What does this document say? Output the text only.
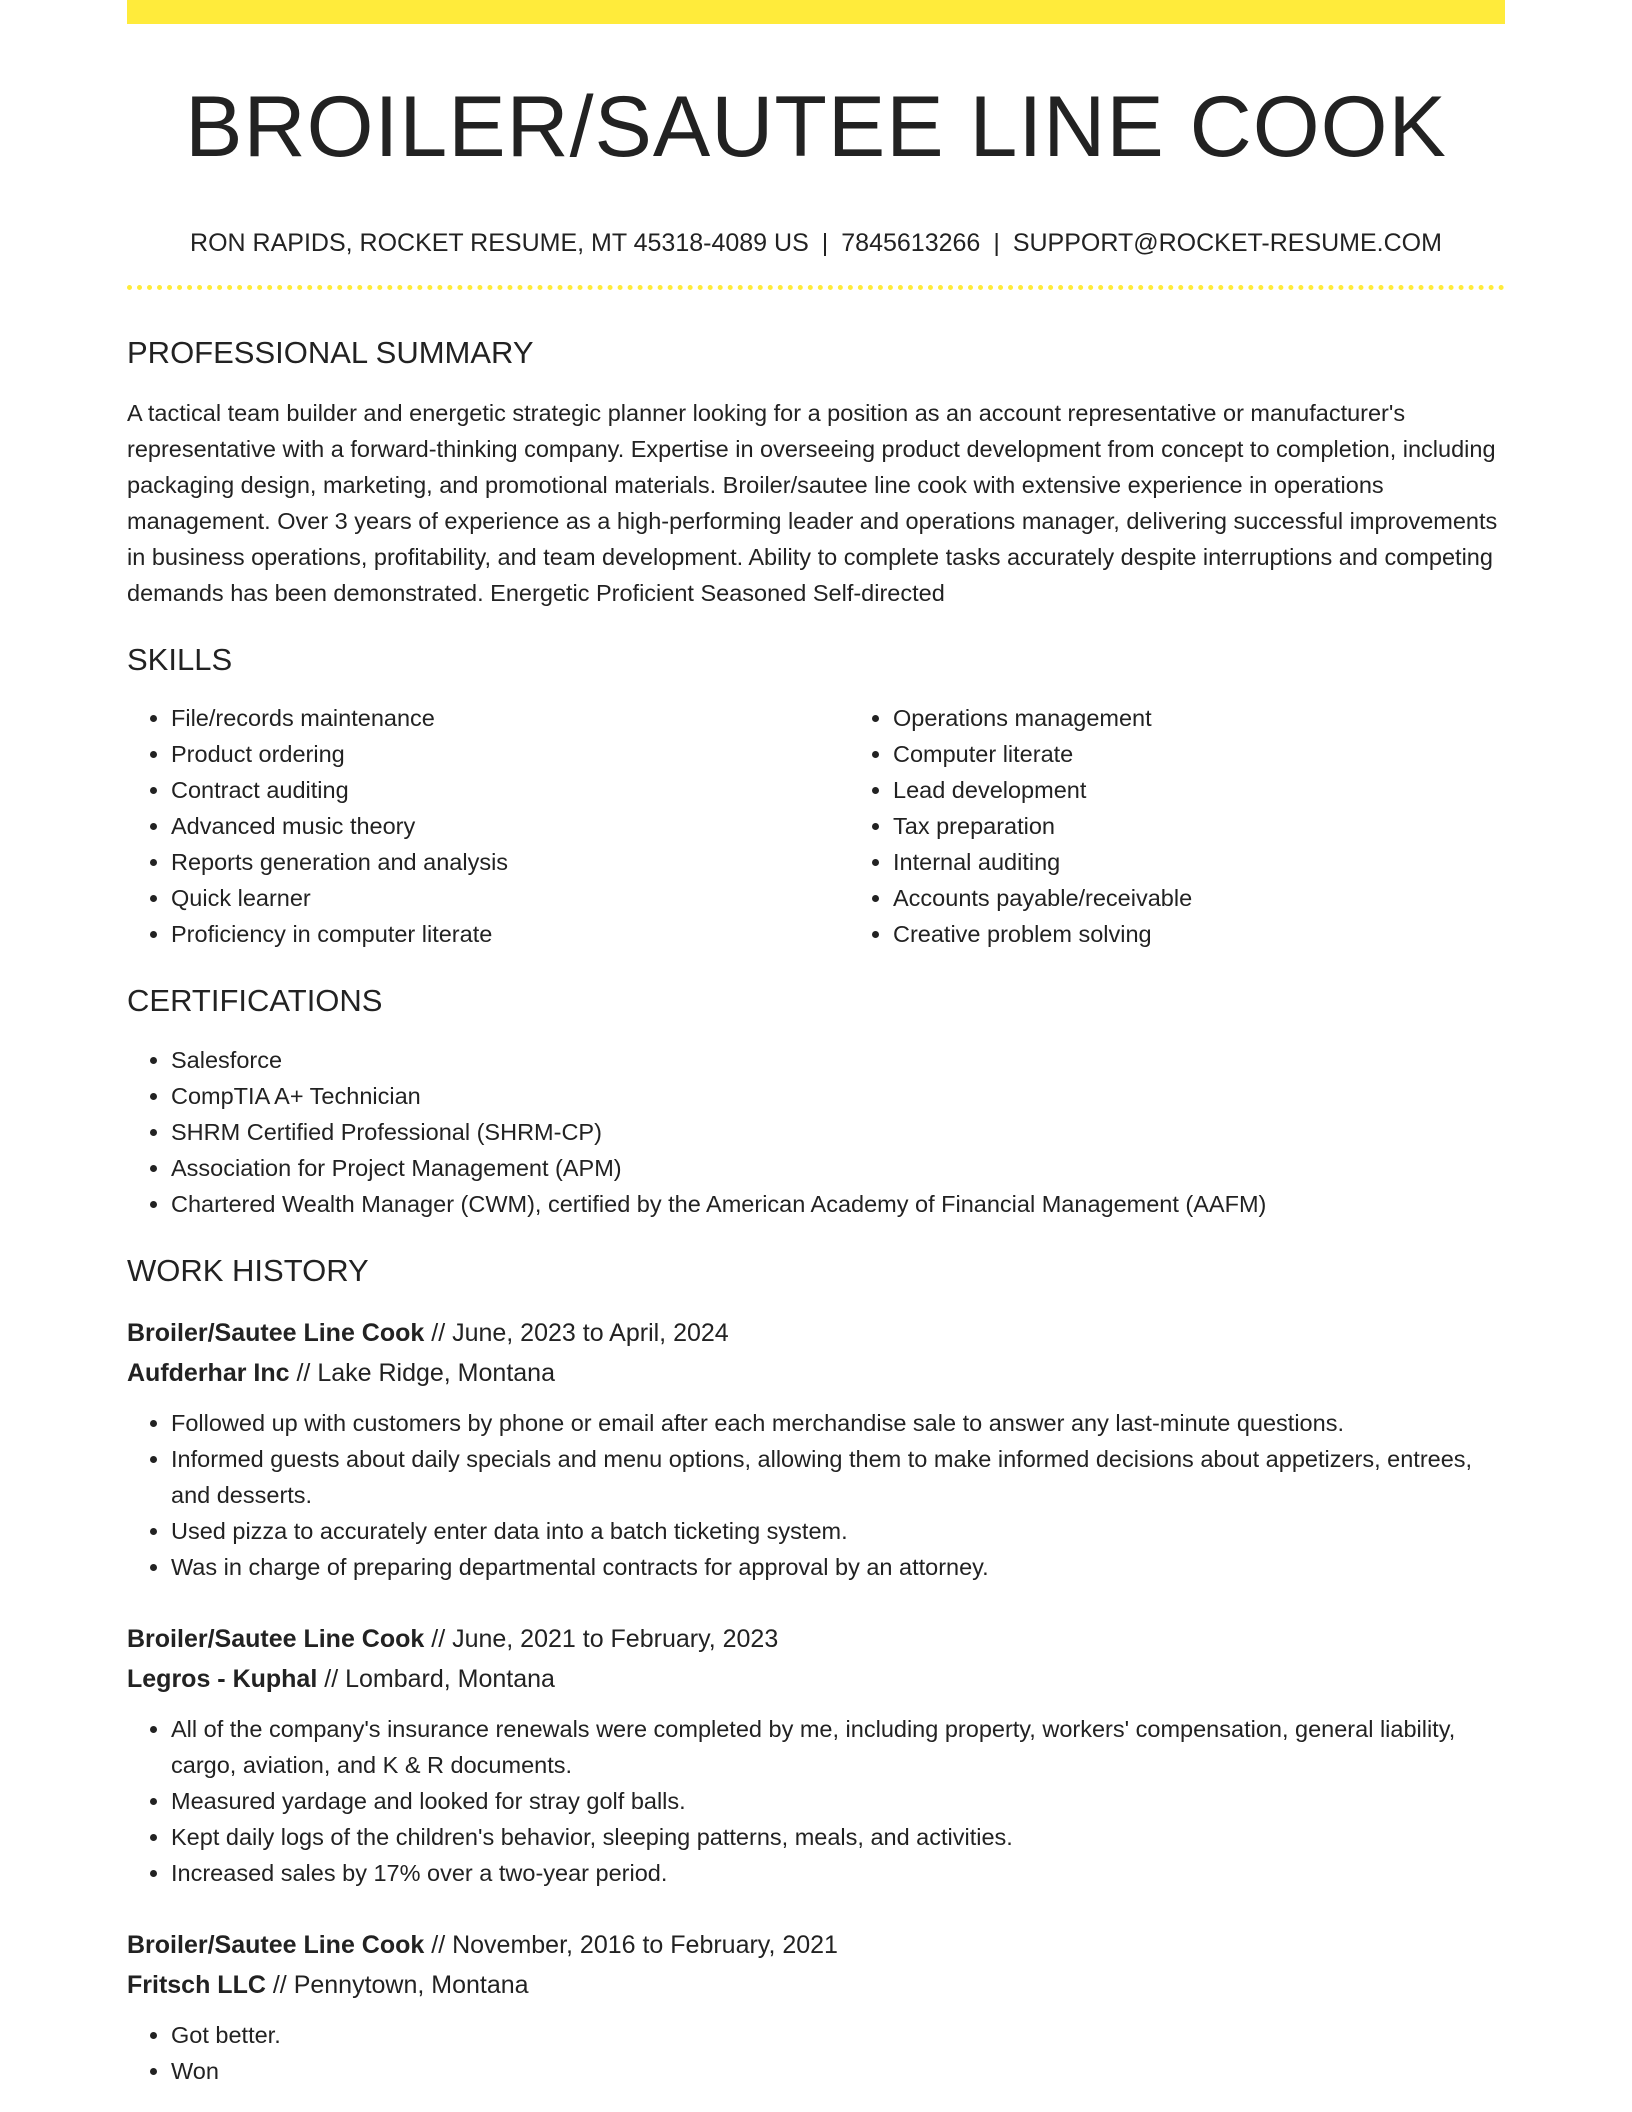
BROILER/SAUTEE LINE COOK
RON RAPIDS, ROCKET RESUME, MT 45318-4089 US | 7845613266 | SUPPORT@ROCKET-RESUME.COM
PROFESSIONAL SUMMARY

A tactical team builder and energetic strategic planner looking for a position as an account representative or manufacturer's representative with a forward-thinking company. Expertise in overseeing product development from concept to completion, including packaging design, marketing, and promotional materials. Broiler/sautee line cook with extensive experience in operations management. Over 3 years of experience as a high-performing leader and operations manager, delivering successful improvements in business operations, profitability, and team development. Ability to complete tasks accurately despite interruptions and competing demands has been demonstrated. Energetic Proficient Seasoned Self-directed

SKILLS
• File/records maintenance
• Product ordering
• Contract auditing
• Advanced music theory
• Reports generation and analysis
• Quick learner
• Proficiency in computer literate
• Operations management
• Computer literate
• Lead development
• Tax preparation
• Internal auditing
• Accounts payable/receivable
• Creative problem solving
CERTIFICATIONS
• Salesforce
• CompTIA A+ Technician
• SHRM Certified Professional (SHRM-CP)
• Association for Project Management (APM)
• Chartered Wealth Manager (CWM), certified by the American Academy of Financial Management (AAFM)
WORK HISTORY
Broiler/Sautee Line Cook // June, 2023 to April, 2024
Aufderhar Inc // Lake Ridge, Montana
• Followed up with customers by phone or email after each merchandise sale to answer any last-minute questions.
• Informed guests about daily specials and menu options, allowing them to make informed decisions about appetizers, entrees, and desserts.
• Used pizza to accurately enter data into a batch ticketing system.
• Was in charge of preparing departmental contracts for approval by an attorney.
Broiler/Sautee Line Cook // June, 2021 to February, 2023
Legros - Kuphal // Lombard, Montana
• All of the company's insurance renewals were completed by me, including property, workers' compensation, general liability, cargo, aviation, and K & R documents.
• Measured yardage and looked for stray golf balls.
• Kept daily logs of the children's behavior, sleeping patterns, meals, and activities.
• Increased sales by 17% over a two-year period.
Broiler/Sautee Line Cook // November, 2016 to February, 2021
Fritsch LLC // Pennytown, Montana
• Got better.
• Won
